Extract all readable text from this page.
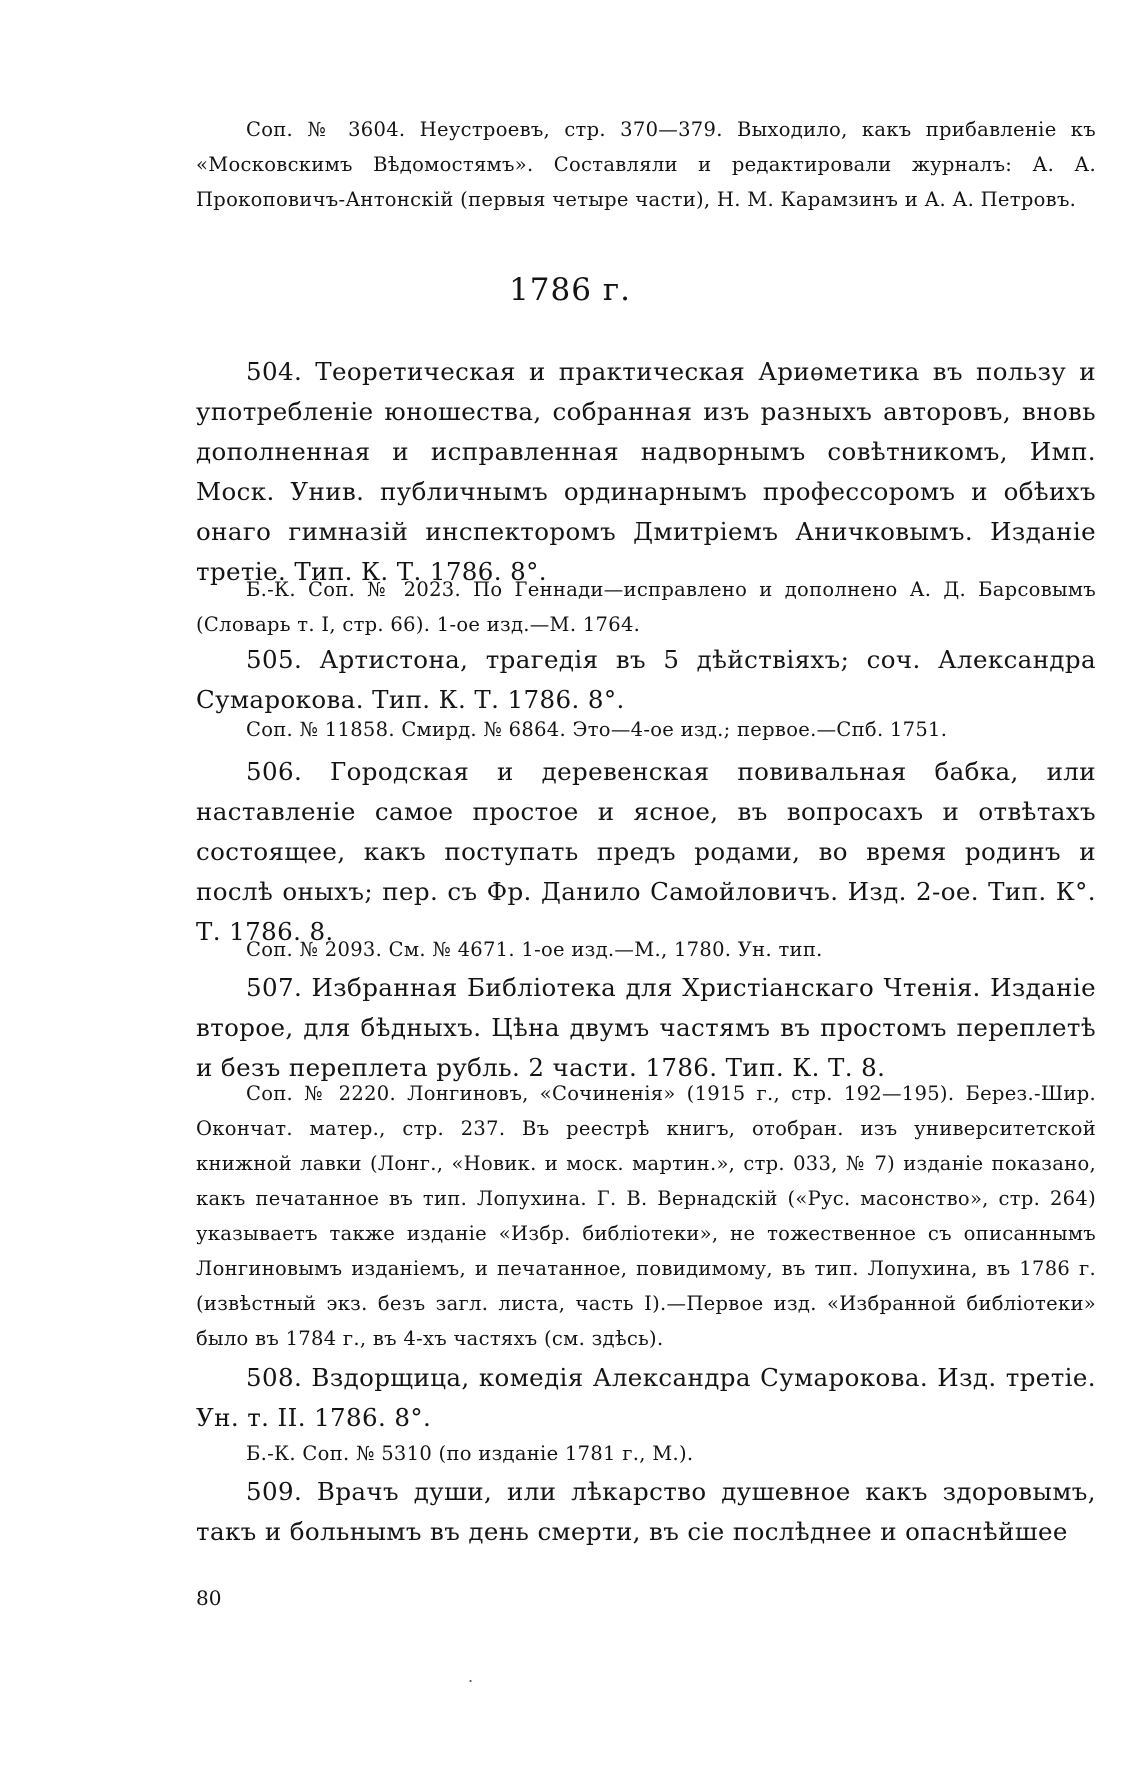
Соп. № 3604. Неустроевъ, стр. 370—379. Выходило, какъ прибавленіе къ «Московскимъ Вѣдомостямъ». Составляли и редактировали журналъ: А. А. Прокоповичъ-Антонскій (первыя четыре части), Н. М. Карамзинъ и А. А. Петровъ.

1786 г.

504. Теоретическая и практическая Ариѳметика въ пользу и употребленіе юношества, собранная изъ разныхъ авторовъ, вновь дополненная и исправленная надворнымъ совѣтникомъ, Имп. Моск. Унив. публичнымъ ординарнымъ профессоромъ и обѣихъ онаго гимназій инспекторомъ Дмитріемъ Аничковымъ. Изданіе третіе. Тип. К. Т. 1786. 8°.

Б.-К. Соп. № 2023. По Геннади—исправлено и дополнено А. Д. Барсовымъ (Словарь т. I, стр. 66). 1-ое изд.—М. 1764.

505. Артистона, трагедія въ 5 дѣйствіяхъ; соч. Александра Сумарокова. Тип. К. Т. 1786. 8°.

Соп. № 11858. Смирд. № 6864. Это—4-ое изд.; первое.—Спб. 1751.

506. Городская и деревенская повивальная бабка, или наставленіе самое простое и ясное, въ вопросахъ и отвѣтахъ состоящее, какъ поступать предъ родами, во время родинъ и послѣ оныхъ; пер. съ Фр. Данило Самойловичъ. Изд. 2-ое. Тип. К°. Т. 1786. 8.

Соп. № 2093. См. № 4671. 1-ое изд.—М., 1780. Ун. тип.

507. Избранная Библіотека для Христіанскаго Чтенія. Изданіе второе, для бѣдныхъ. Цѣна двумъ частямъ въ простомъ переплетѣ и безъ переплета рубль. 2 части. 1786. Тип. К. Т. 8.

Соп. № 2220. Лонгиновъ, «Сочиненія» (1915 г., стр. 192—195). Берез.-Шир. Окончат. матер., стр. 237. Въ реестрѣ книгъ, отобран. изъ университетской книжной лавки (Лонг., «Новик. и моск. мартин.», стр. 033, № 7) изданіе показано, какъ печатанное въ тип. Лопухина. Г. В. Вернадскій («Рус. масонство», стр. 264) указываетъ также изданіе «Избр. библіотеки», не тожественное съ описаннымъ Лонгиновымъ изданіемъ, и печатанное, повидимому, въ тип. Лопухина, въ 1786 г. (извѣстный экз. безъ загл. листа, часть I).—Первое изд. «Избранной библіотеки» было въ 1784 г., въ 4-хъ частяхъ (см. здѣсь).

508. Вздорщица, комедія Александра Сумарокова. Изд. третіе. Ун. т. II. 1786. 8°.

Б.-К. Соп. № 5310 (по изданіе 1781 г., М.).

509. Врачъ души, или лѣкарство душевное какъ здоровымъ, такъ и больнымъ въ день смерти, въ сіе послѣднее и опаснѣйшее

80
.
